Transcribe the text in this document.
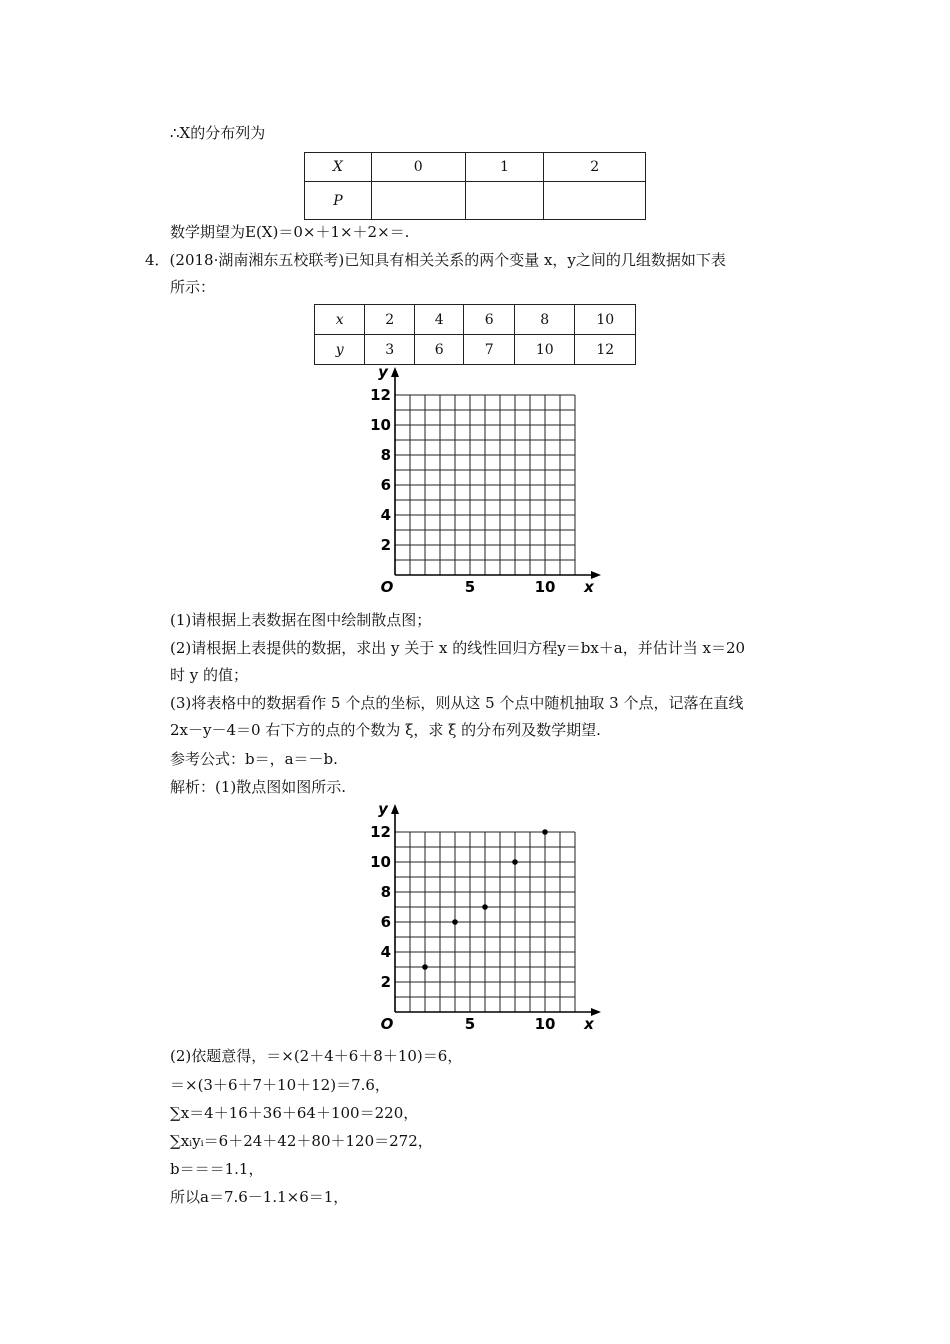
∴X的分布列为
X	0	1	2
P			
数学期望为E(X)＝0×＋1×＋2×＝.
4．(2018·湖南湘东五校联考)已知具有相关关系的两个变量 x，y之间的几组数据如下表
所示：
x	2	4	6	8	10
y	3	6	7	10	12
O	x
y
2
4
6
8
10
12
5	10
(1)请根据上表数据在图中绘制散点图；
(2)请根据上表提供的数据，求出 y 关于 x 的线性回归方程y＝bx＋a，并估计当 x＝20
时 y 的值；
(3)将表格中的数据看作 5 个点的坐标，则从这 5 个点中随机抽取 3 个点，记落在直线
2x－y－4＝0 右下方的点的个数为 ξ，求 ξ 的分布列及数学期望.
参考公式：b＝，a＝－b.
解析：(1)散点图如图所示.
O	x
y
2
4
6
8
10
12
5	10
(2)依题意得，＝×(2＋4＋6＋8＋10)＝6，
＝×(3＋6＋7＋10＋12)＝7.6，
∑x＝4＋16＋36＋64＋100＝220，
∑xᵢyᵢ＝6＋24＋42＋80＋120＝272，
b＝＝＝1.1，
所以a＝7.6－1.1×6＝1，
